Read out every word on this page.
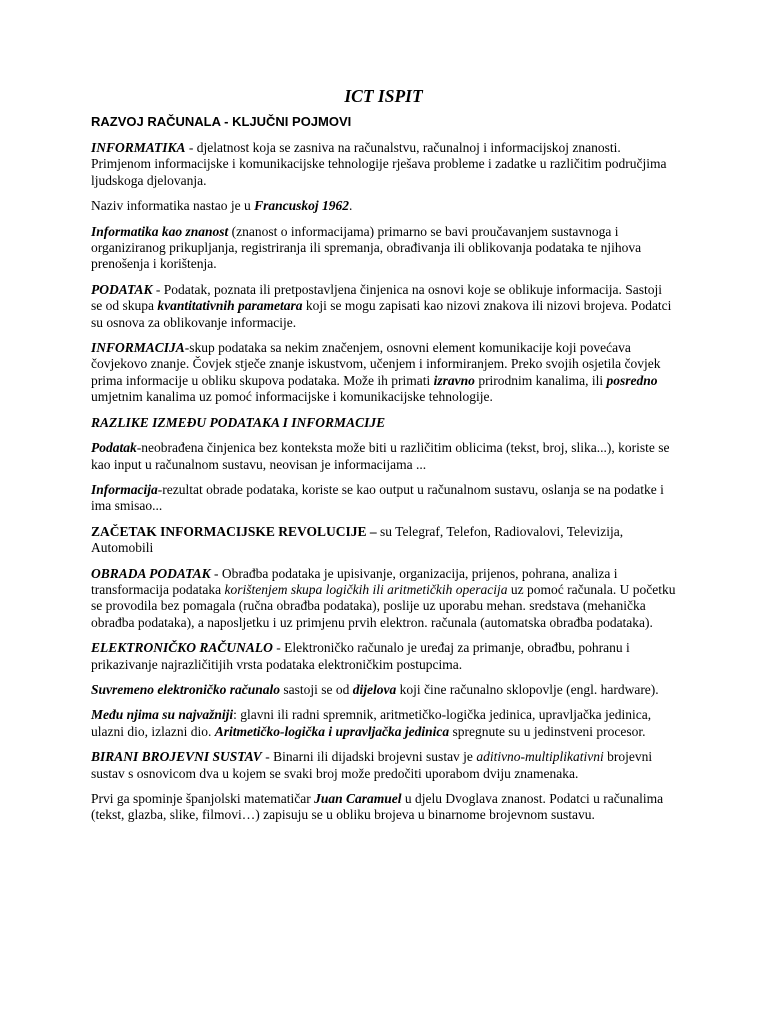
ICT ISPIT
RAZVOJ RAČUNALA - KLJUČNI POJMOVI

INFORMATIKA - djelatnost koja se zasniva na računalstvu, računalnoj i informacijskoj znanosti. Primjenom informacijske i komunikacijske tehnologije rješava probleme i zadatke u različitim područjima ljudskoga djelovanja.

Naziv informatika nastao je u Francuskoj 1962.

Informatika kao znanost (znanost o informacijama) primarno se bavi proučavanjem sustavnoga i organiziranog prikupljanja, registriranja ili spremanja, obrađivanja ili oblikovanja podataka te njihova prenošenja i korištenja.

PODATAK - Podatak, poznata ili pretpostavljena činjenica na osnovi koje se oblikuje informacija. Sastoji se od skupa kvantitativnih parametara koji se mogu zapisati kao nizovi znakova ili nizovi brojeva. Podatci su osnova za oblikovanje informacije.

INFORMACIJA-skup podataka sa nekim značenjem, osnovni element komunikacije koji povećava čovjekovo znanje. Čovjek stječe znanje iskustvom, učenjem i informiranjem. Preko svojih osjetila čovjek prima informacije u obliku skupova podataka. Može ih primati izravno prirodnim kanalima, ili posredno umjetnim kanalima uz pomoć informacijske i komunikacijske tehnologije.

RAZLIKE IZMEĐU PODATAKA I INFORMACIJE

Podatak-neobrađena činjenica bez konteksta može biti u različitim oblicima (tekst, broj, slika...), koriste se kao input u računalnom sustavu, neovisan je informacijama ...

Informacija-rezultat obrade podataka, koriste se kao output u računalnom sustavu, oslanja se na podatke i ima smisao...

ZAČETAK INFORMACIJSKE REVOLUCIJE – su Telegraf, Telefon, Radiovalovi, Televizija, Automobili

OBRADA PODATAK - Obrađba podataka je upisivanje, organizacija, prijenos, pohrana, analiza i transformacija podataka korištenjem skupa logičkih ili aritmetičkih operacija uz pomoć računala. U početku se provodila bez pomagala (ručna obrađba podataka), poslije uz uporabu mehan. sredstava (mehanička obrađba podataka), a naposljetku i uz primjenu prvih elektron. računala (automatska obrađba podataka).

ELEKTRONIČKO RAČUNALO - Elektroničko računalo je uređaj za primanje, obrađbu, pohranu i prikazivanje najrazličitijih vrsta podataka elektroničkim postupcima.

Suvremeno elektroničko računalo sastoji se od dijelova koji čine računalno sklopovlje (engl. hardware).

Među njima su najvažniji: glavni ili radni spremnik, aritmetičko-logička jedinica, upravljačka jedinica, ulazni dio, izlazni dio. Aritmetičko-logička i upravljačka jedinica spregnute su u jedinstveni procesor.

BIRANI BROJEVNI SUSTAV - Binarni ili dijadski brojevni sustav je aditivno-multiplikativni brojevni sustav s osnovicom dva u kojem se svaki broj može predočiti uporabom dviju znamenaka.

Prvi ga spominje španjolski matematičar Juan Caramuel u djelu Dvoglava znanost. Podatci u računalima (tekst, glazba, slike, filmovi…) zapisuju se u obliku brojeva u binarnome brojevnom sustavu.
